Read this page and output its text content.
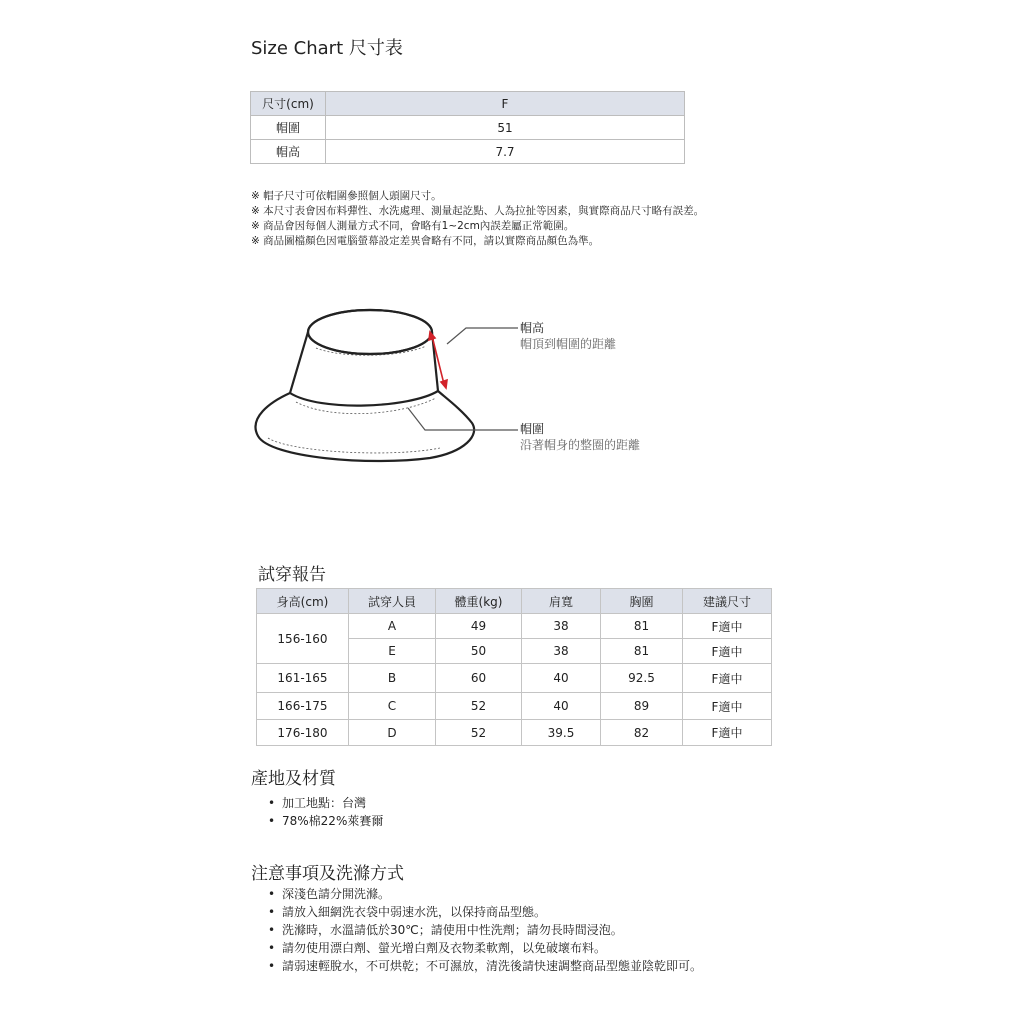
Size Chart 尺寸表
尺寸(cm)	F
帽圍	51
帽高	7.7
※ 帽子尺寸可依帽圍參照個人頭圍尺寸。
※ 本尺寸表會因布料彈性、水洗處理、測量起訖點、人為拉扯等因素，與實際商品尺寸略有誤差。
※ 商品會因每個人測量方式不同，會略有1~2cm內誤差屬正常範圍。
※ 商品圖檔顏色因電腦螢幕設定差異會略有不同，請以實際商品顏色為準。
帽高
帽頂到帽圍的距離
帽圍
沿著帽身的整圈的距離
試穿報告
身高(cm)	試穿人員	體重(kg)	肩寬	胸圍	建議尺寸
156-160	A	49	38	81	F適中
	E	50	38	81	F適中
161-165	B	60	40	92.5	F適中
166-175	C	52	40	89	F適中
176-180	D	52	39.5	82	F適中
產地及材質
• 加工地點：台灣
• 78%棉22%萊賽爾
注意事項及洗滌方式
• 深淺色請分開洗滌。
• 請放入細網洗衣袋中弱速水洗，以保持商品型態。
• 洗滌時，水溫請低於30℃；請使用中性洗劑；請勿長時間浸泡。
• 請勿使用漂白劑、螢光增白劑及衣物柔軟劑，以免破壞布料。
• 請弱速輕脫水，不可烘乾；不可濕放，清洗後請快速調整商品型態並陰乾即可。
